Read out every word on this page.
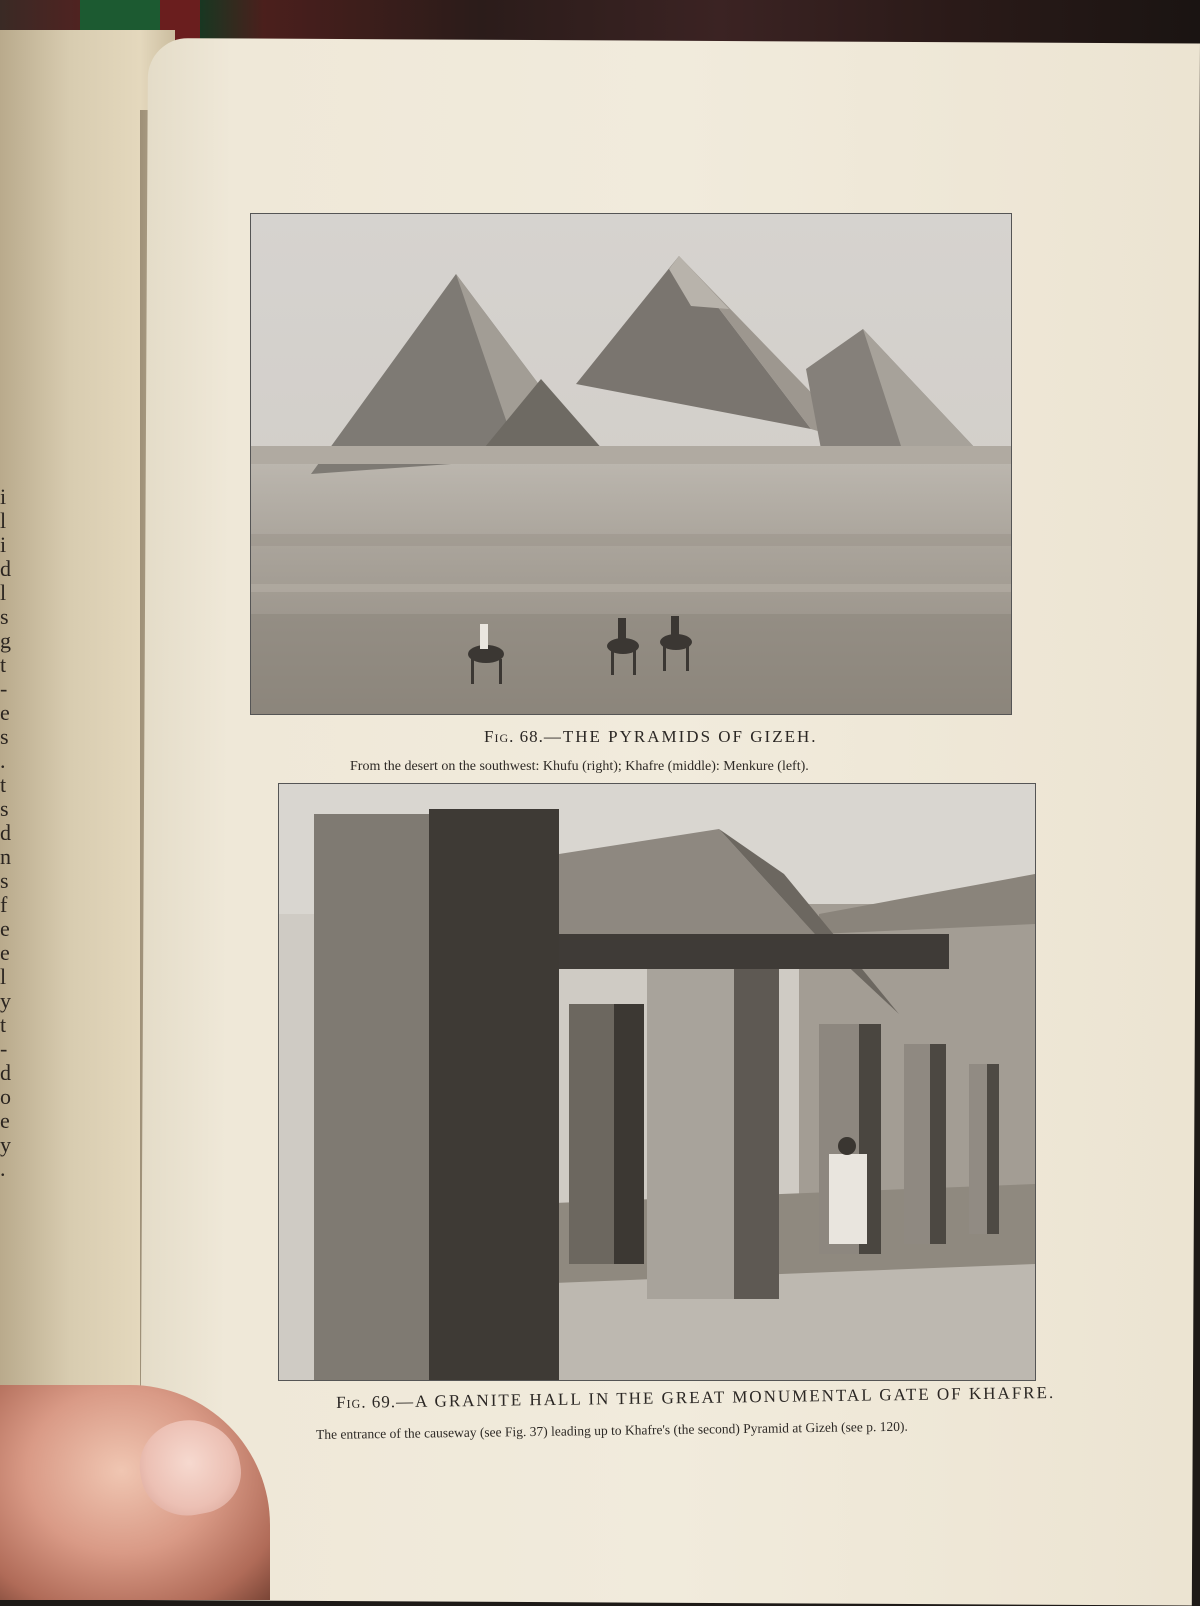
i
l
i
d
l
s
g
t
-
e
s
.
t
s
d
n
s
f
e
e
l
y
t
-
d
o
e
y
.
Fig. 68.—THE PYRAMIDS OF GIZEH.
From the desert on the southwest: Khufu (right); Khafre (middle): Menkure (left).
Fig. 69.—A GRANITE HALL IN THE GREAT MONUMENTAL GATE OF KHAFRE.
The entrance of the causeway (see Fig. 37) leading up to Khafre's (the second) Pyramid at Gizeh (see p. 120).
